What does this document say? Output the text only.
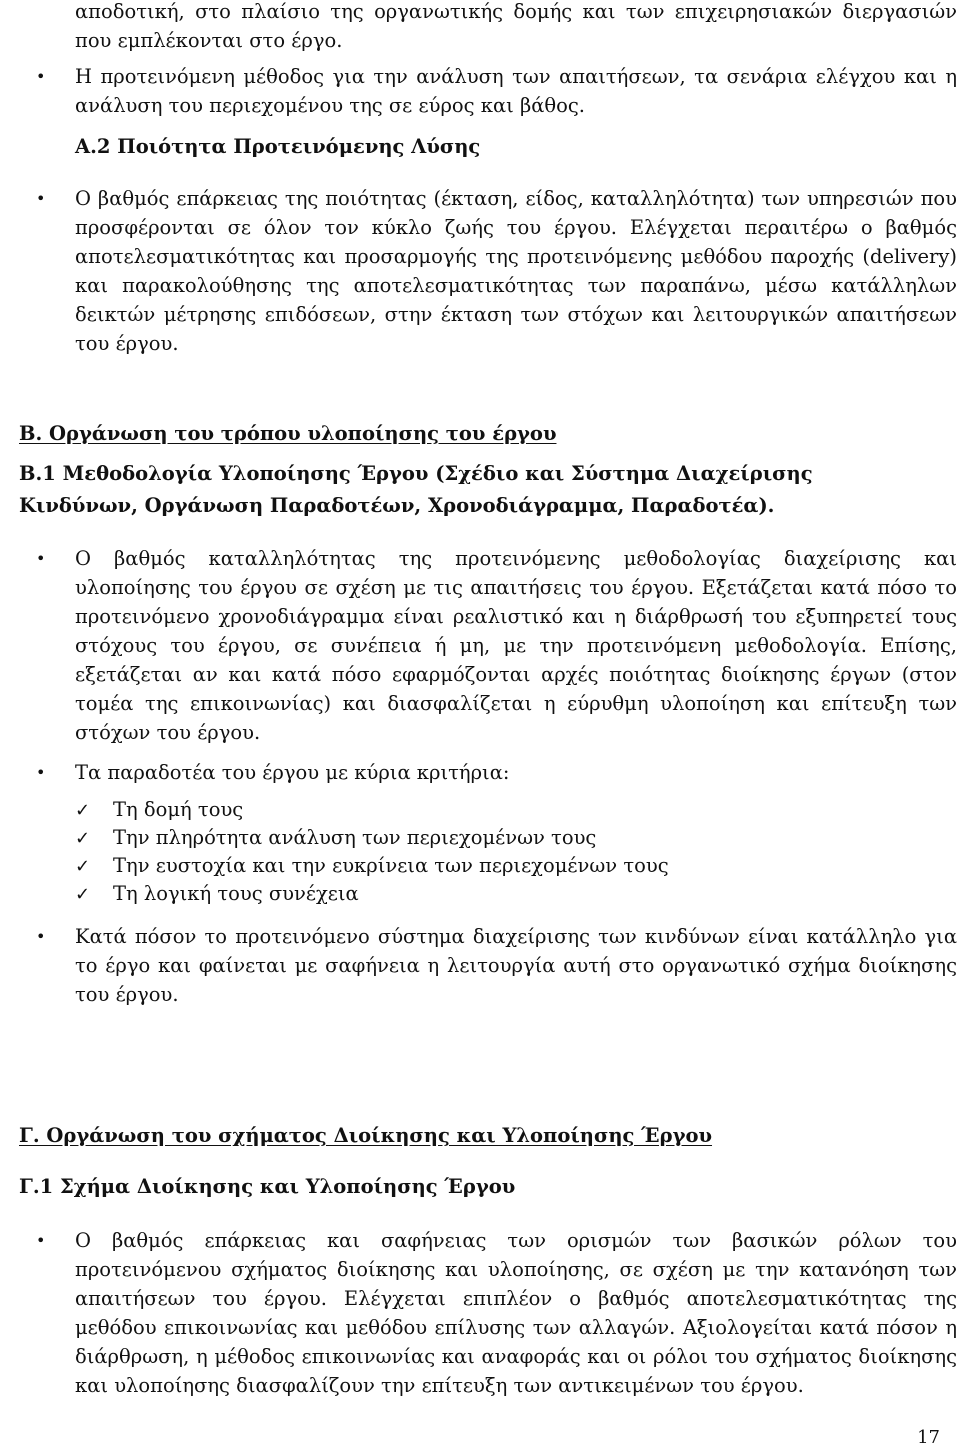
αποδοτική, στο πλαίσιο της οργανωτικής δομής και των επιχειρησιακών διεργασιών που εμπλέκονται στο έργο.
• Η προτεινόμενη μέθοδος για την ανάλυση των απαιτήσεων, τα σενάρια ελέγχου και η ανάλυση του περιεχομένου της σε εύρος και βάθος.
Α.2 Ποιότητα Προτεινόμενης Λύσης
• Ο βαθμός επάρκειας της ποιότητας (έκταση, είδος, καταλληλότητα) των υπηρεσιών που προσφέρονται σε όλον τον κύκλο ζωής του έργου. Ελέγχεται περαιτέρω ο βαθμός αποτελεσματικότητας και προσαρμογής της προτεινόμενης μεθόδου παροχής (delivery) και παρακολούθησης της αποτελεσματικότητας των παραπάνω, μέσω κατάλληλων δεικτών μέτρησης επιδόσεων, στην έκταση των στόχων και λειτουργικών απαιτήσεων του έργου.
Β. Οργάνωση του τρόπου υλοποίησης του έργου
Β.1 Μεθοδολογία Υλοποίησης Έργου (Σχέδιο και Σύστημα Διαχείρισης
Κινδύνων, Οργάνωση Παραδοτέων, Χρονοδιάγραμμα, Παραδοτέα).
• Ο βαθμός καταλληλότητας της προτεινόμενης μεθοδολογίας διαχείρισης και υλοποίησης του έργου σε σχέση με τις απαιτήσεις του έργου. Εξετάζεται κατά πόσο το προτεινόμενο χρονοδιάγραμμα είναι ρεαλιστικό και η διάρθρωσή του εξυπηρετεί τους στόχους του έργου, σε συνέπεια ή μη, με την προτεινόμενη μεθοδολογία. Επίσης, εξετάζεται αν και κατά πόσο εφαρμόζονται αρχές ποιότητας διοίκησης έργων (στον τομέα της επικοινωνίας) και διασφαλίζεται η εύρυθμη υλοποίηση και επίτευξη των στόχων του έργου.
• Τα παραδοτέα του έργου με κύρια κριτήρια:
✓ Τη δομή τους
✓ Την πληρότητα ανάλυση των περιεχομένων τους
✓ Την ευστοχία και την ευκρίνεια των περιεχομένων τους
✓ Τη λογική τους συνέχεια
• Κατά πόσον το προτεινόμενο σύστημα διαχείρισης των κινδύνων είναι κατάλληλο για το έργο και φαίνεται με σαφήνεια η λειτουργία αυτή στο οργανωτικό σχήμα διοίκησης του έργου.
Γ. Οργάνωση του σχήματος Διοίκησης και Υλοποίησης Έργου
Γ.1 Σχήμα Διοίκησης και Υλοποίησης Έργου
• Ο βαθμός επάρκειας και σαφήνειας των ορισμών των βασικών ρόλων του προτεινόμενου σχήματος διοίκησης και υλοποίησης, σε σχέση με την κατανόηση των απαιτήσεων του έργου. Ελέγχεται επιπλέον ο βαθμός αποτελεσματικότητας της μεθόδου επικοινωνίας και μεθόδου επίλυσης των αλλαγών. Αξιολογείται κατά πόσον η διάρθρωση, η μέθοδος επικοινωνίας και αναφοράς και οι ρόλοι του σχήματος διοίκησης και υλοποίησης διασφαλίζουν την επίτευξη των αντικειμένων του έργου.
17
